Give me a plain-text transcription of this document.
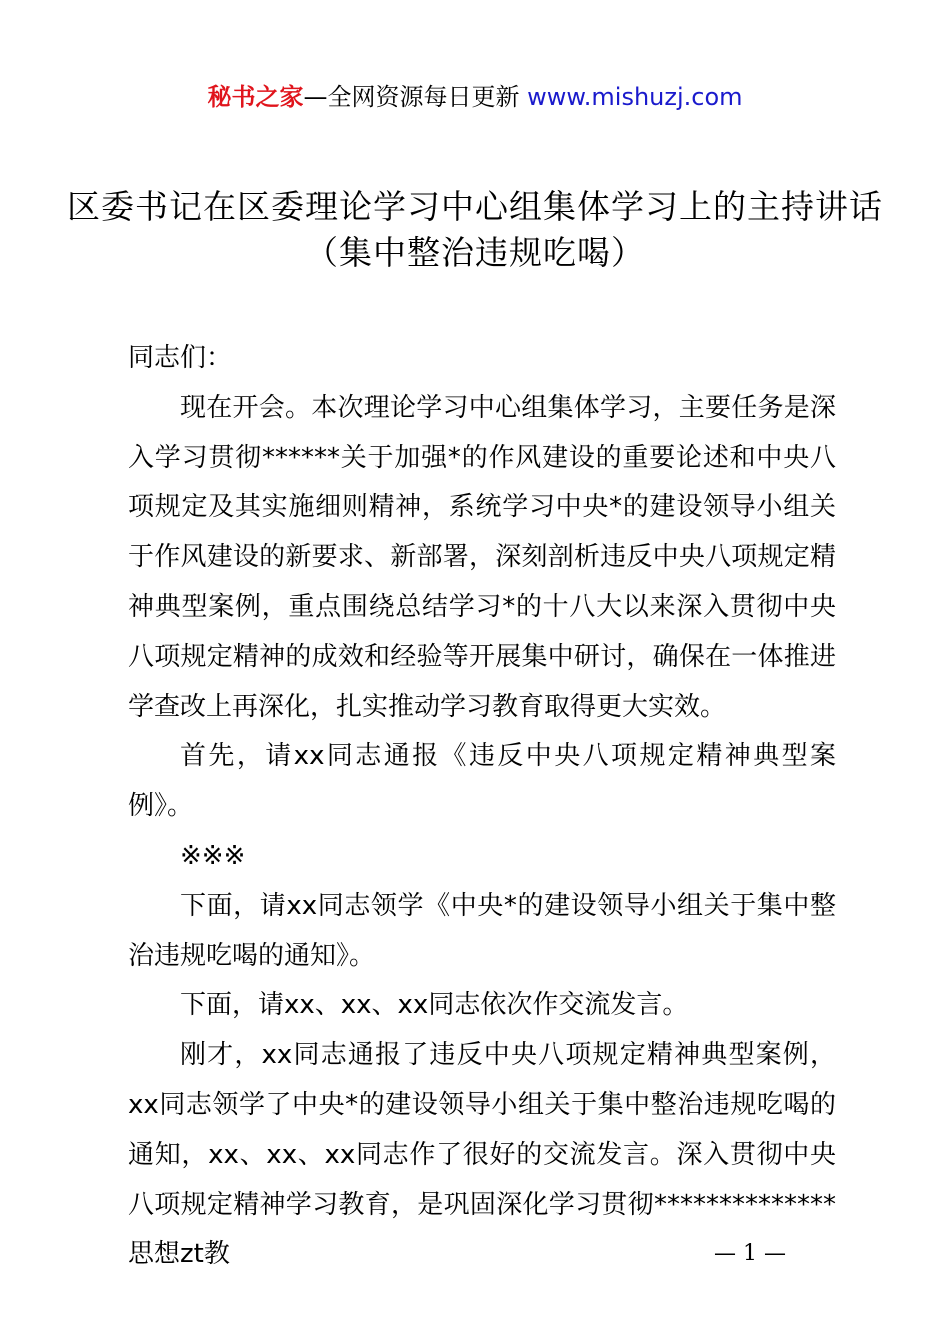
秘书之家—全网资源每日更新 www.mishuzj.com
区委书记在区委理论学习中心组集体学习上的主持讲话（集中整治违规吃喝）

同志们：

现在开会。本次理论学习中心组集体学习，主要任务是深入学习贯彻******关于加强*的作风建设的重要论述和中央八项规定及其实施细则精神，系统学习中央*的建设领导小组关于作风建设的新要求、新部署，深刻剖析违反中央八项规定精神典型案例，重点围绕总结学习*的十八大以来深入贯彻中央八项规定精神的成效和经验等开展集中研讨，确保在一体推进学查改上再深化，扎实推动学习教育取得更大实效。

首先，请xx同志通报《违反中央八项规定精神典型案例》。

※※※

下面，请xx同志领学《中央*的建设领导小组关于集中整治违规吃喝的通知》。

下面，请xx、xx、xx同志依次作交流发言。

刚才，xx同志通报了违反中央八项规定精神典型案例，xx同志领学了中央*的建设领导小组关于集中整治违规吃喝的通知，xx、xx、xx同志作了很好的交流发言。深入贯彻中央八项规定精神学习教育，是巩固深化学习贯彻**************思想zt教	— 1 —
